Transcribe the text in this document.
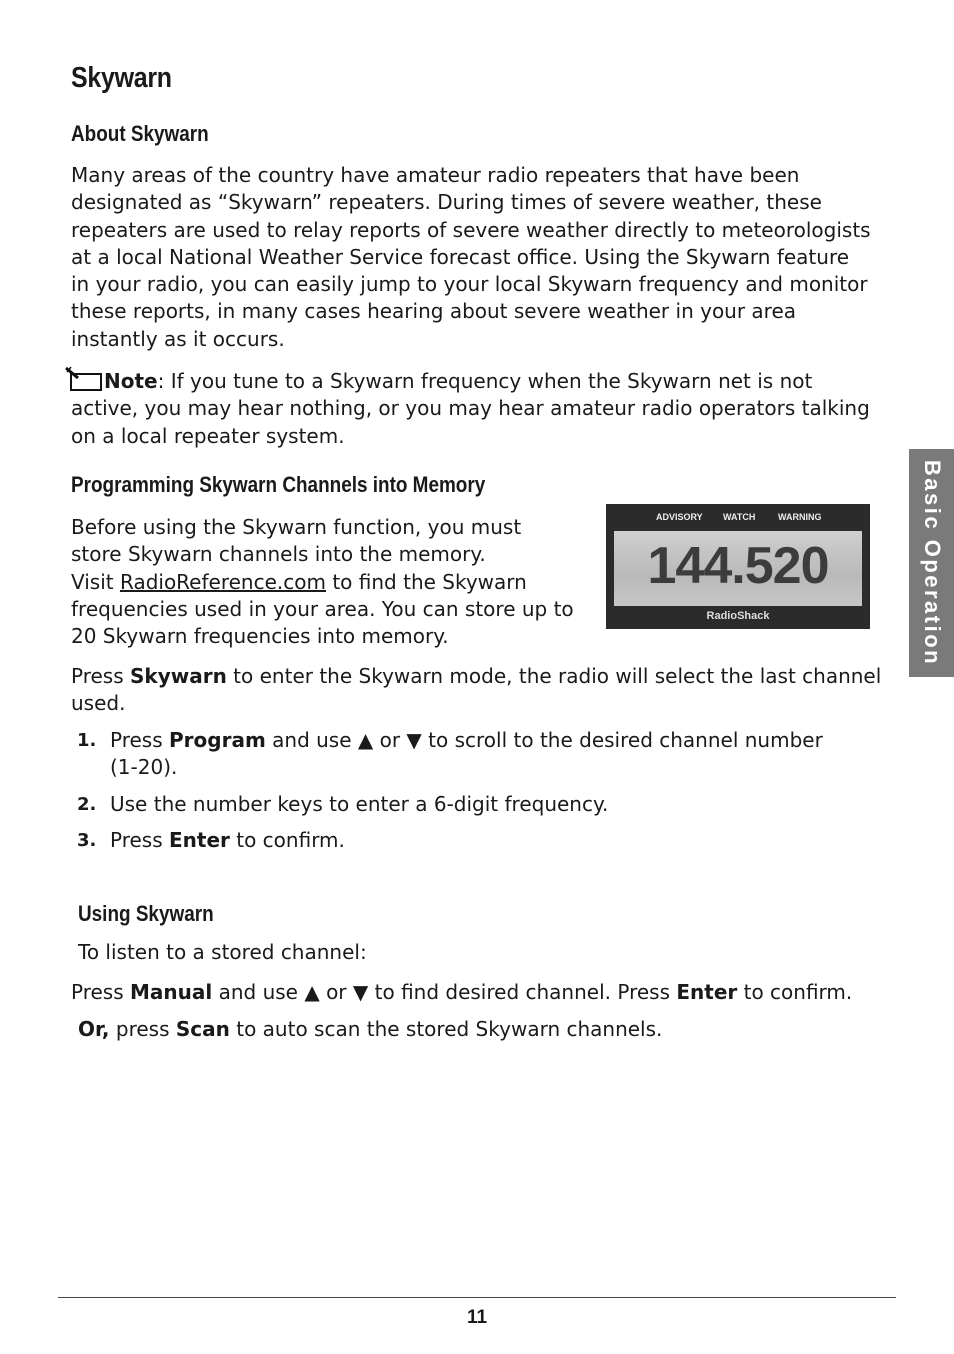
Skywarn
About Skywarn

Many areas of the country have amateur radio repeaters that have been

designated as “Skywarn” repeaters. During times of severe weather, these

repeaters are used to relay reports of severe weather directly to meteorologists

at a local National Weather Service forecast office. Using the Skywarn feature

in your radio, you can easily jump to your local Skywarn frequency and monitor

these reports, in many cases hearing about severe weather in your area

instantly as it occurs.

Note: If you tune to a Skywarn frequency when the Skywarn net is not

active, you may hear nothing, or you may hear amateur radio operators talking

on a local repeater system.

Programming Skywarn Channels into Memory

Before using the Skywarn function, you must

store Skywarn channels into the memory.

Visit RadioReference.com to find the Skywarn

frequencies used in your area. You can store up to

20 Skywarn frequencies into memory.

ADVISORY WATCH	WARNING
144.520
RadioShack

Press Skywarn to enter the Skywarn mode, the radio will select the last channel

used.

1. Press Program and use ▲ or ▼ to scroll to the desired channel number

(1-20).

2. Use the number keys to enter a 6-digit frequency.

3. Press Enter to confirm.

Using Skywarn
To listen to a stored channel:

Press Manual and use ▲ or ▼ to find desired channel. Press Enter to confirm.

Or, press Scan to auto scan the stored Skywarn channels.

Basic Operation
11
